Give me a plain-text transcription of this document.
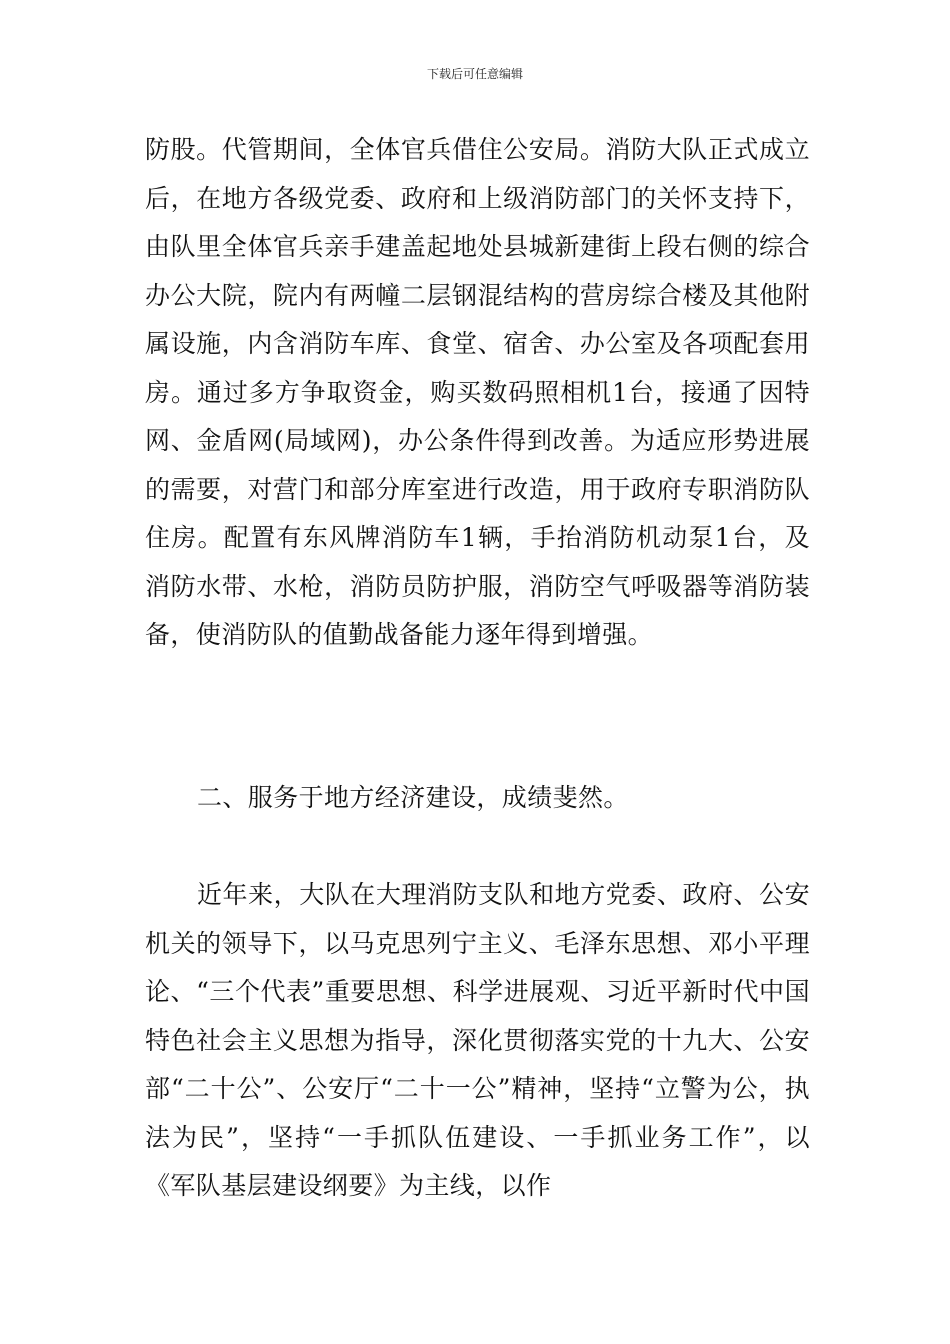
下载后可任意编辑

防股。代管期间，全体官兵借住公安局。消防大队正式成立后，在地方各级党委、政府和上级消防部门的关怀支持下，由队里全体官兵亲手建盖起地处县城新建街上段右侧的综合办公大院，院内有两幢二层钢混结构的营房综合楼及其他附属设施，内含消防车库、食堂、宿舍、办公室及各项配套用房。通过多方争取资金，购买数码照相机1台，接通了因特网、金盾网(局域网)，办公条件得到改善。为适应形势进展的需要，对营门和部分库室进行改造，用于政府专职消防队住房。配置有东风牌消防车1辆，手抬消防机动泵1台，及消防水带、水枪，消防员防护服，消防空气呼吸器等消防装备，使消防队的值勤战备能力逐年得到增强。

二、服务于地方经济建设，成绩斐然。

近年来，大队在大理消防支队和地方党委、政府、公安机关的领导下，以马克思列宁主义、毛泽东思想、邓小平理论、“三个代表”重要思想、科学进展观、习近平新时代中国特色社会主义思想为指导，深化贯彻落实党的十九大、公安部“二十公”、公安厅“二十一公”精神，坚持“立警为公，执法为民”，坚持“一手抓队伍建设、一手抓业务工作”，以《军队基层建设纲要》为主线，以作
